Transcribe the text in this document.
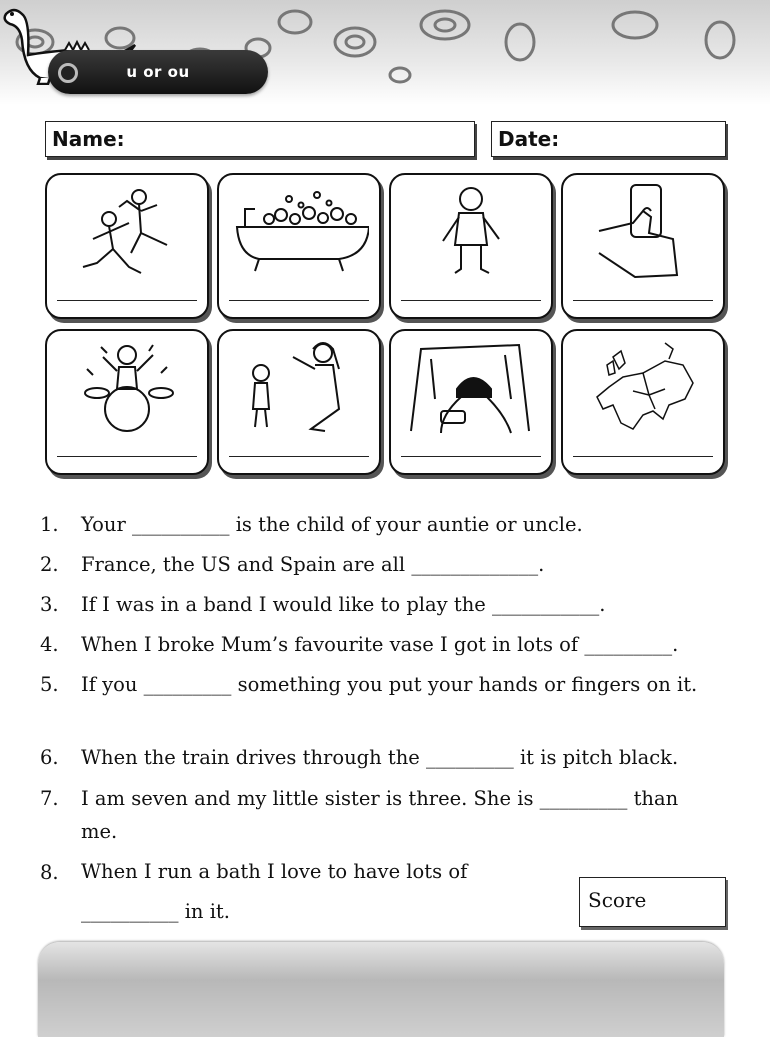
u or ou
Name:	Date:
1.	Your __________ is the child of your auntie or uncle.
2.	France, the US and Spain are all _____________.
3.	If I was in a band I would like to play the ___________.
4.	When I broke Mum’s favourite vase I got in lots of _________.
5.	If you _________ something you put your hands or fingers on it.
6.	When the train drives through the _________ it is pitch black.
7.	I am seven and my little sister is three. She is _________ than me.
8.	When I run a bath I love to have lots of __________ in it.	Score
